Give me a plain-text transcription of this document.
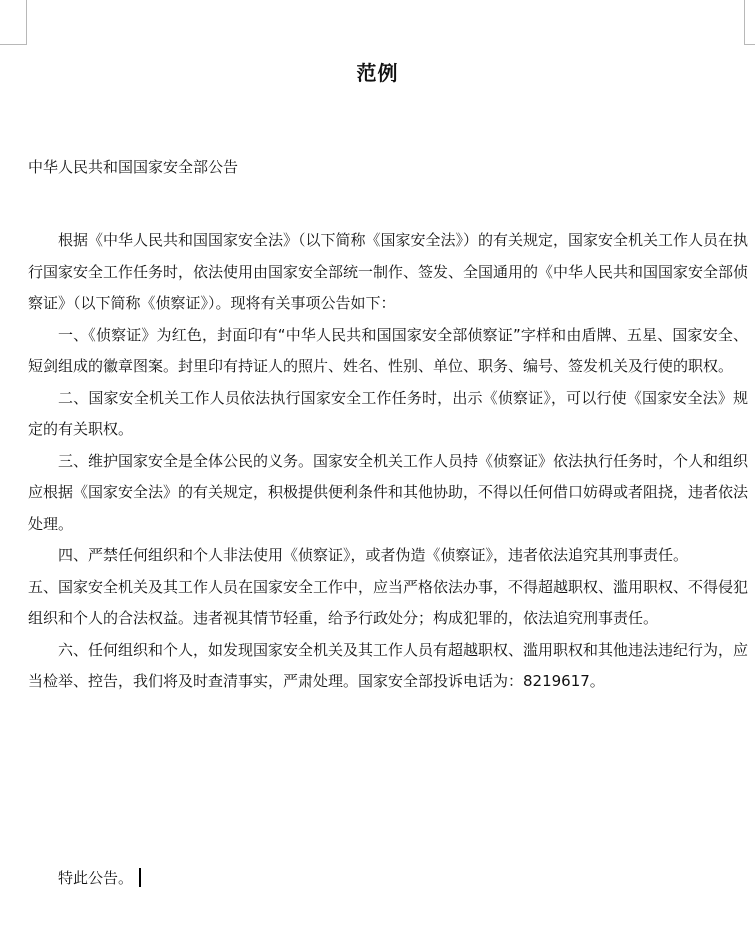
范例
中华人民共和国国家安全部公告

根据《中华人民共和国国家安全法》（以下简称《国家安全法》）的有关规定，国家安全机关工作人员在执行国家安全工作任务时，依法使用由国家安全部统一制作、签发、全国通用的《中华人民共和国国家安全部侦察证》（以下简称《侦察证》）。现将有关事项公告如下：

一、《侦察证》为红色，封面印有“中华人民共和国国家安全部侦察证”字样和由盾牌、五星、国家安全、短剑组成的徽章图案。封里印有持证人的照片、姓名、性别、单位、职务、编号、签发机关及行使的职权。

二、国家安全机关工作人员依法执行国家安全工作任务时，出示《侦察证》，可以行使《国家安全法》规定的有关职权。

三、维护国家安全是全体公民的义务。国家安全机关工作人员持《侦察证》依法执行任务时，个人和组织应根据《国家安全法》的有关规定，积极提供便利条件和其他协助，不得以任何借口妨碍或者阻挠，违者依法处理。

四、严禁任何组织和个人非法使用《侦察证》，或者伪造《侦察证》，违者依法追究其刑事责任。

五、国家安全机关及其工作人员在国家安全工作中，应当严格依法办事，不得超越职权、滥用职权、不得侵犯组织和个人的合法权益。违者视其情节轻重，给予行政处分；构成犯罪的，依法追究刑事责任。

六、任何组织和个人，如发现国家安全机关及其工作人员有超越职权、滥用职权和其他违法违纪行为，应当检举、控告，我们将及时查清事实，严肃处理。国家安全部投诉电话为：8219617。

特此公告。
